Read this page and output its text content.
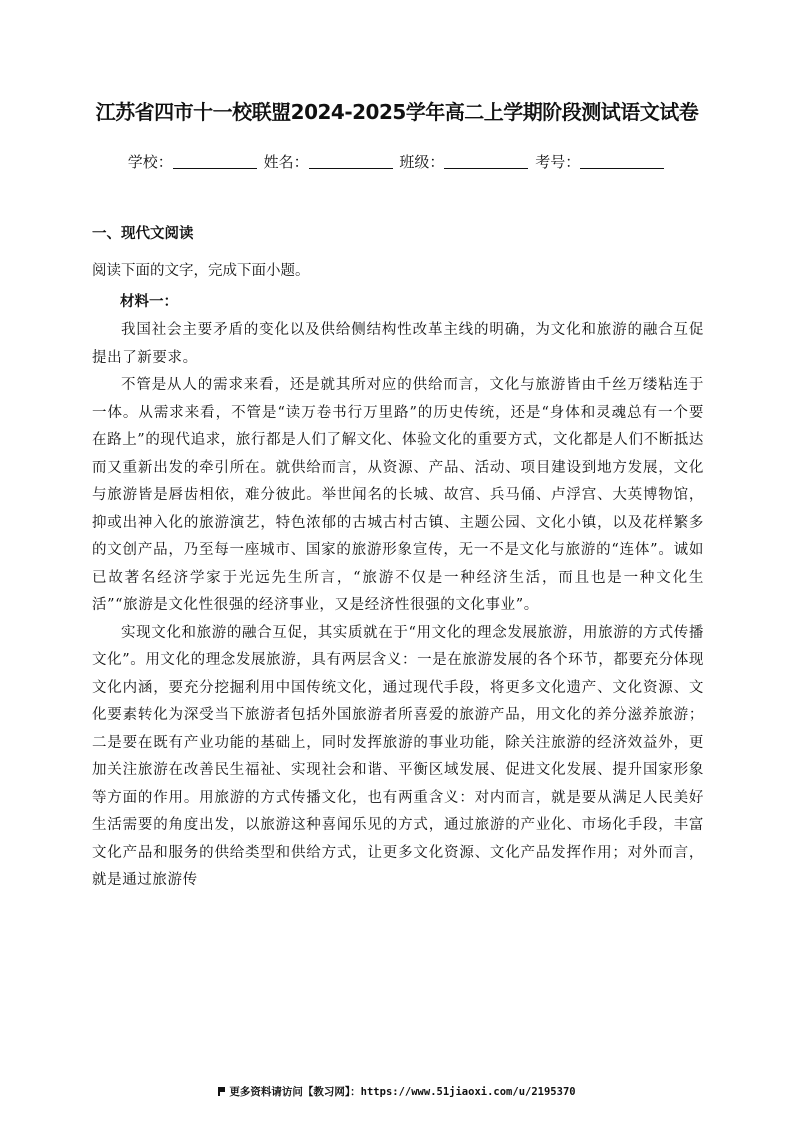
江苏省四市十一校联盟2024-2025学年高二上学期阶段测试语文试卷
学校：	姓名：	班级：	考号：
一、现代文阅读
阅读下面的文字，完成下面小题。
材料一：

我国社会主要矛盾的变化以及供给侧结构性改革主线的明确，为文化和旅游的融合互促提出了新要求。

不管是从人的需求来看，还是就其所对应的供给而言，文化与旅游皆由千丝万缕粘连于一体。从需求来看，不管是“读万卷书行万里路”的历史传统，还是“身体和灵魂总有一个要在路上”的现代追求，旅行都是人们了解文化、体验文化的重要方式，文化都是人们不断抵达而又重新出发的牵引所在。就供给而言，从资源、产品、活动、项目建设到地方发展，文化与旅游皆是唇齿相依，难分彼此。举世闻名的长城、故宫、兵马俑、卢浮宫、大英博物馆，抑或出神入化的旅游演艺，特色浓郁的古城古村古镇、主题公园、文化小镇，以及花样繁多的文创产品，乃至每一座城市、国家的旅游形象宣传，无一不是文化与旅游的“连体”。诚如已故著名经济学家于光远先生所言，“旅游不仅是一种经济生活，而且也是一种文化生活”“旅游是文化性很强的经济事业，又是经济性很强的文化事业”。

实现文化和旅游的融合互促，其实质就在于“用文化的理念发展旅游，用旅游的方式传播文化”。用文化的理念发展旅游，具有两层含义：一是在旅游发展的各个环节，都要充分体现文化内涵，要充分挖掘利用中国传统文化，通过现代手段，将更多文化遗产、文化资源、文化要素转化为深受当下旅游者包括外国旅游者所喜爱的旅游产品，用文化的养分滋养旅游；二是要在既有产业功能的基础上，同时发挥旅游的事业功能，除关注旅游的经济效益外，更加关注旅游在改善民生福祉、实现社会和谐、平衡区域发展、促进文化发展、提升国家形象等方面的作用。用旅游的方式传播文化，也有两重含义：对内而言，就是要从满足人民美好生活需要的角度出发，以旅游这种喜闻乐见的方式，通过旅游的产业化、市场化手段，丰富文化产品和服务的供给类型和供给方式，让更多文化资源、文化产品发挥作用；对外而言，就是通过旅游传

更多资料请访问【教习网】：https://www.51jiaoxi.com/u/2195370
